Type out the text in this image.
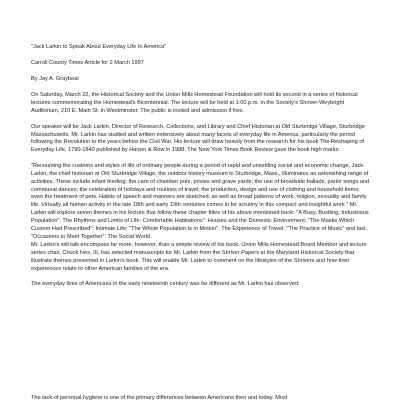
"Jack Larkin to Speak About Everyday Life In America"

Carroll County Times Article for 2 March 1997

By Jay A. Graybeal

On Saturday, March 22, the Historical Society and the Union Mills Homestead Foundation will hold its second in a series of historical lectures commemorating the Homestead's Bicentennial. The lecture will be held at 1:00 p.m. in the Society's Shriver-Weybright Auditorium, 210 E. Main St. in Westminster. The public is invited and admission if free.

Our speaker will be Jack Larkin, Director of Research, Collections, and Library and Chief Historian at Old Sturbridge Village, Sturbridge Massachusetts. Mr. Larkin has studied and written extensively about many facets of everyday life in America, particularly the period following the Revolution to the years before the Civil War. His lecture will draw heavily from the research for his book The Reshaping of Everyday Life, 1790-1840 published by Harper & Row in 1988. The New York Times Book Review gave the book high marks:

"Recounting the customs and styles of life of ordinary people during a period of rapid and unsettling social and economic change, Jack Larkin, the chief historian at Old Sturbridge Village, the outdoor history museum in Sturbridge, Mass., illuminates an astonishing range of activities. These include infant feeding; the care of chamber pots, privies and grave yards; the use of broadside ballads, parlor songs and communal dances; the celebration of holidays and routines of travel; the production, design and use of clothing and household items; even the treatment of pets. Habits of speech and manners are sketched, as well as broad patterns of work, religion, sexuality and family life. Virtually all human activity in the late 18th and early 19th centuries comes in for scrutiny in this compact and insightful work." Mr. Larkin will explore seven themes in his lecture that follow these chapter titles of his above mentioned book: "A Busy, Bustling, Industrious Population"; The Rhythms and Limits of Life; Comfortable Habitations": Houses and the Domestic Environment; "The Masks Which Custom Had Prescribed": Intimate Life; "The Whole Population Is in Motion": The Experience of Travel; "The Practice of Music" and last, "Occasions to Meet Together": The Social World.

Mr. Larkin's will talk encompass far more, however, than a simple review of his book. Union Mills Homestead Board Member and lecture series chair, Chuck Ives, III, has selected manuscripts for Mr. Larkin from the Shriver Papers at the Maryland Historical Society that illustrate themes presented in Larkin's book. This will enable Mr. Larkin to comment on the lifestyles of the Shrivers and how their experiences relate to other American families of the era.

The everyday lives of Americans in the early nineteenth century was far different as Mr. Larkin has observed.

The lack of personal hygiene is one of the primary differences between Americans then and today. Most
